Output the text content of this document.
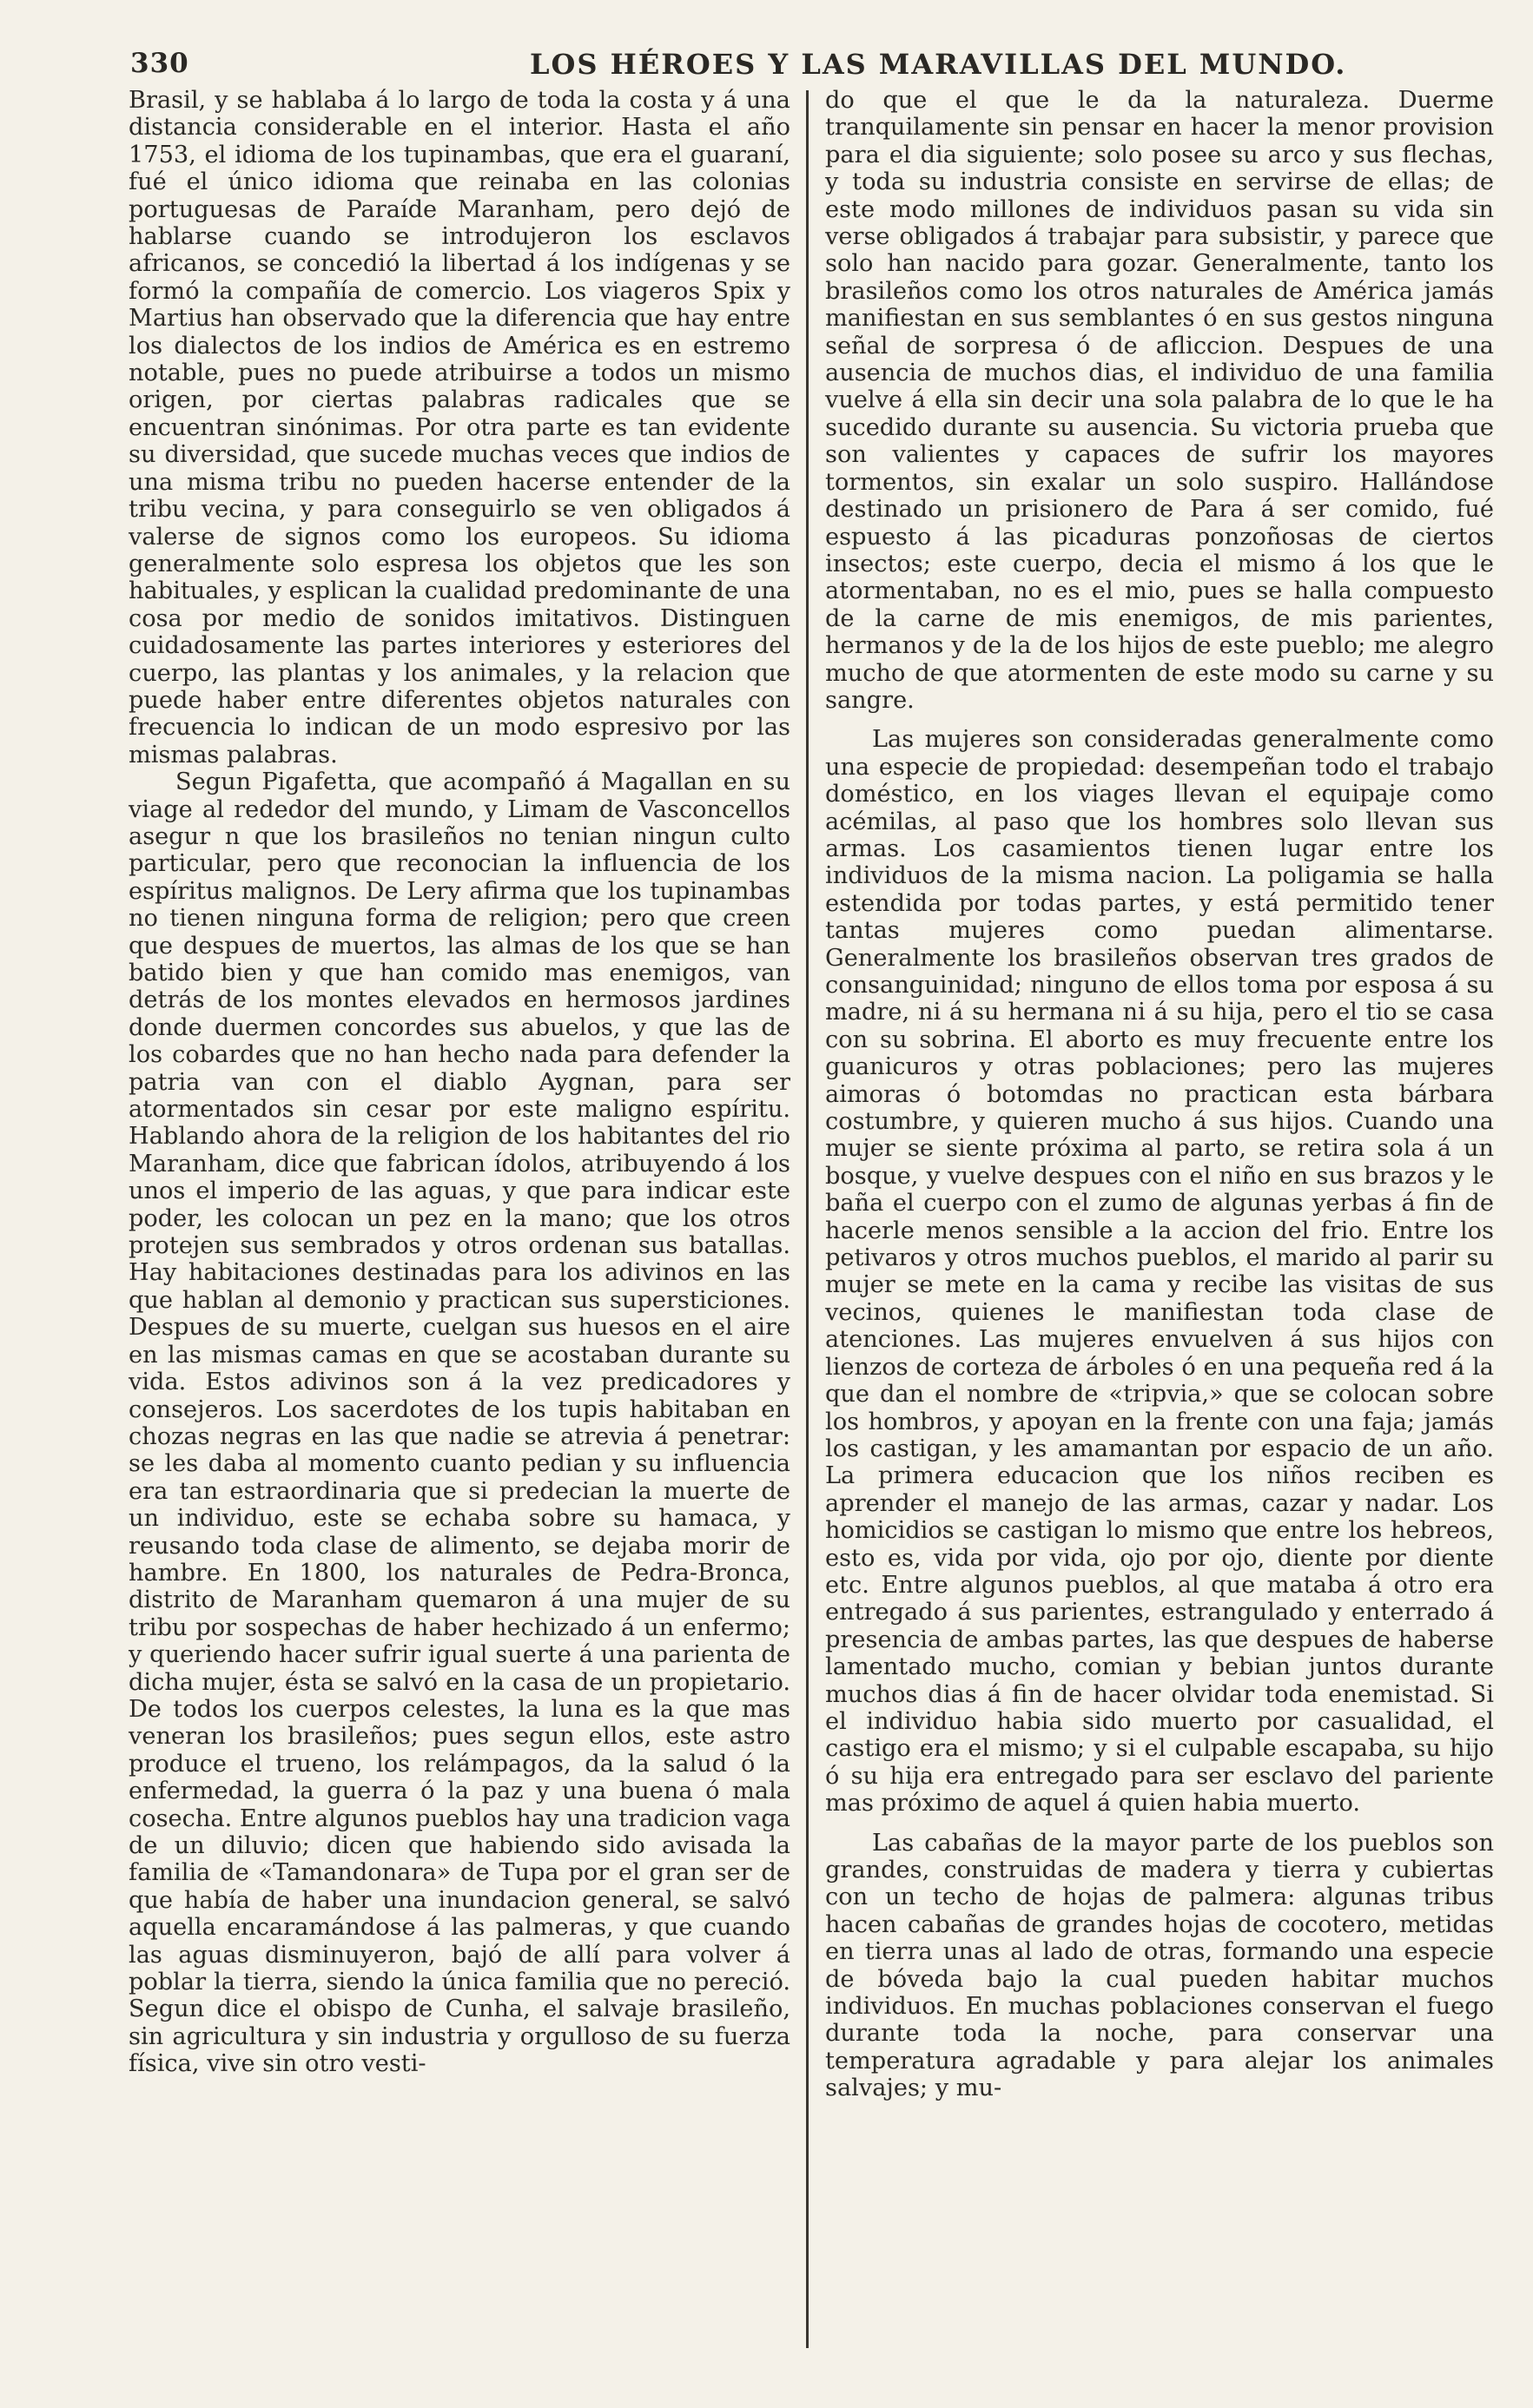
330	LOS HÉROES Y LAS MARAVILLAS DEL MUNDO.

Brasil, y se hablaba á lo largo de toda la costa y á una distancia considerable en el interior. Hasta el año 1753, el idioma de los tupinambas, que era el guaraní, fué el único idioma que reinaba en las colonias portuguesas de Paraíde Maranham, pero dejó de hablarse cuando se introdujeron los esclavos africanos, se concedió la libertad á los indígenas y se formó la compañía de comercio. Los viageros Spix y Martius han observado que la diferencia que hay entre los dialectos de los indios de América es en estremo notable, pues no puede atribuirse a todos un mismo origen, por ciertas palabras radicales que se encuentran sinónimas. Por otra parte es tan evidente su diversidad, que sucede muchas veces que indios de una misma tribu no pueden hacerse entender de la tribu vecina, y para conseguirlo se ven obligados á valerse de signos como los europeos. Su idioma generalmente solo espresa los objetos que les son habituales, y esplican la cualidad predominante de una cosa por medio de sonidos imitativos. Distinguen cuidadosamente las partes interiores y esteriores del cuerpo, las plantas y los animales, y la relacion que puede haber entre diferentes objetos naturales con frecuencia lo indican de un modo espresivo por las mismas palabras.

Segun Pigafetta, que acompañó á Magallan en su viage al rededor del mundo, y Limam de Vasconcellos asegur n que los brasileños no tenian ningun culto particular, pero que reconocian la influencia de los espíritus malignos. De Lery afirma que los tupinambas no tienen ninguna forma de religion; pero que creen que despues de muertos, las almas de los que se han batido bien y que han comido mas enemigos, van detrás de los montes elevados en hermosos jardines donde duermen concordes sus abuelos, y que las de los cobardes que no han hecho nada para defender la patria van con el diablo Aygnan, para ser atormentados sin cesar por este maligno espíritu. Hablando ahora de la religion de los habitantes del rio Maranham, dice que fabrican ídolos, atribuyendo á los unos el imperio de las aguas, y que para indicar este poder, les colocan un pez en la mano; que los otros protejen sus sembrados y otros ordenan sus batallas. Hay habitaciones destinadas para los adivinos en las que hablan al demonio y practican sus supersticiones. Despues de su muerte, cuelgan sus huesos en el aire en las mismas camas en que se acostaban durante su vida. Estos adivinos son á la vez predicadores y consejeros. Los sacerdotes de los tupis habitaban en chozas negras en las que nadie se atrevia á penetrar: se les daba al momento cuanto pedian y su influencia era tan estraordinaria que si predecian la muerte de un individuo, este se echaba sobre su hamaca, y reusando toda clase de alimento, se dejaba morir de hambre. En 1800, los naturales de Pedra-Bronca, distrito de Maranham quemaron á una mujer de su tribu por sospechas de haber hechizado á un enfermo; y queriendo hacer sufrir igual suerte á una parienta de dicha mujer, ésta se salvó en la casa de un propietario. De todos los cuerpos celestes, la luna es la que mas veneran los brasileños; pues segun ellos, este astro produce el trueno, los relámpagos, da la salud ó la enfermedad, la guerra ó la paz y una buena ó mala cosecha. Entre algunos pueblos hay una tradicion vaga de un diluvio; dicen que habiendo sido avisada la familia de «Tamandonara» de Tupa por el gran ser de que había de haber una inundacion general, se salvó aquella encaramándose á las palmeras, y que cuando las aguas disminuyeron, bajó de allí para volver á poblar la tierra, siendo la única familia que no pereció. Segun dice el obispo de Cunha, el salvaje brasileño, sin agricultura y sin industria y orgulloso de su fuerza física, vive sin otro vesti-

do que el que le da la naturaleza. Duerme tranquilamente sin pensar en hacer la menor provision para el dia siguiente; solo posee su arco y sus flechas, y toda su industria consiste en servirse de ellas; de este modo millones de individuos pasan su vida sin verse obligados á trabajar para subsistir, y parece que solo han nacido para gozar. Generalmente, tanto los brasileños como los otros naturales de América jamás manifiestan en sus semblantes ó en sus gestos ninguna señal de sorpresa ó de afliccion. Despues de una ausencia de muchos dias, el individuo de una familia vuelve á ella sin decir una sola palabra de lo que le ha sucedido durante su ausencia. Su victoria prueba que son valientes y capaces de sufrir los mayores tormentos, sin exalar un solo suspiro. Hallándose destinado un prisionero de Para á ser comido, fué espuesto á las picaduras ponzoñosas de ciertos insectos; este cuerpo, decia el mismo á los que le atormentaban, no es el mio, pues se halla compuesto de la carne de mis enemigos, de mis parientes, hermanos y de la de los hijos de este pueblo; me alegro mucho de que atormenten de este modo su carne y su sangre.

Las mujeres son consideradas generalmente como una especie de propiedad: desempeñan todo el trabajo doméstico, en los viages llevan el equipaje como acémilas, al paso que los hombres solo llevan sus armas. Los casamientos tienen lugar entre los individuos de la misma nacion. La poligamia se halla estendida por todas partes, y está permitido tener tantas mujeres como puedan alimentarse. Generalmente los brasileños observan tres grados de consanguinidad; ninguno de ellos toma por esposa á su madre, ni á su hermana ni á su hija, pero el tio se casa con su sobrina. El aborto es muy frecuente entre los guanicuros y otras poblaciones; pero las mujeres aimoras ó botomdas no practican esta bárbara costumbre, y quieren mucho á sus hijos. Cuando una mujer se siente próxima al parto, se retira sola á un bosque, y vuelve despues con el niño en sus brazos y le baña el cuerpo con el zumo de algunas yerbas á fin de hacerle menos sensible a la accion del frio. Entre los petivaros y otros muchos pueblos, el marido al parir su mujer se mete en la cama y recibe las visitas de sus vecinos, quienes le manifiestan toda clase de atenciones. Las mujeres envuelven á sus hijos con lienzos de corteza de árboles ó en una pequeña red á la que dan el nombre de «tripvia,» que se colocan sobre los hombros, y apoyan en la frente con una faja; jamás los castigan, y les amamantan por espacio de un año. La primera educacion que los niños reciben es aprender el manejo de las armas, cazar y nadar. Los homicidios se castigan lo mismo que entre los hebreos, esto es, vida por vida, ojo por ojo, diente por diente etc. Entre algunos pueblos, al que mataba á otro era entregado á sus parientes, estrangulado y enterrado á presencia de ambas partes, las que despues de haberse lamentado mucho, comian y bebian juntos durante muchos dias á fin de hacer olvidar toda enemistad. Si el individuo habia sido muerto por casualidad, el castigo era el mismo; y si el culpable escapaba, su hijo ó su hija era entregado para ser esclavo del pariente mas próximo de aquel á quien habia muerto.

Las cabañas de la mayor parte de los pueblos son grandes, construidas de madera y tierra y cubiertas con un techo de hojas de palmera: algunas tribus hacen cabañas de grandes hojas de cocotero, metidas en tierra unas al lado de otras, formando una especie de bóveda bajo la cual pueden habitar muchos individuos. En muchas poblaciones conservan el fuego durante toda la noche, para conservar una temperatura agradable y para alejar los animales salvajes; y mu-
